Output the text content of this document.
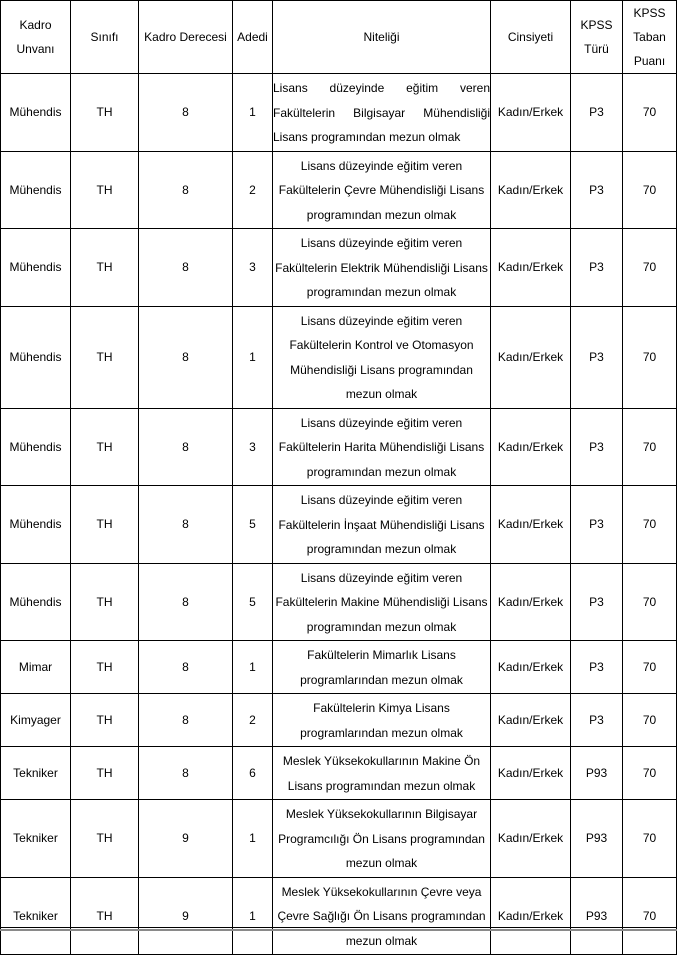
Kadro Unvanı	Sınıfı	Kadro Derecesi	Adedi	Niteliği	Cinsiyeti	KPSS Türü	KPSS Taban Puanı
Mühendis	TH	8	1	Lisans düzeyinde eğitim veren Fakültelerin Bilgisayar Mühendisliği Lisans programından mezun olmak	Kadın/Erkek	P3	70
Mühendis	TH	8	2	Lisans düzeyinde eğitim veren Fakültelerin Çevre Mühendisliği Lisans programından mezun olmak	Kadın/Erkek	P3	70
Mühendis	TH	8	3	Lisans düzeyinde eğitim veren Fakültelerin Elektrik Mühendisliği Lisans programından mezun olmak	Kadın/Erkek	P3	70
Mühendis	TH	8	1	Lisans düzeyinde eğitim veren Fakültelerin Kontrol ve Otomasyon Mühendisliği Lisans programından mezun olmak	Kadın/Erkek	P3	70
Mühendis	TH	8	3	Lisans düzeyinde eğitim veren Fakültelerin Harita Mühendisliği Lisans programından mezun olmak	Kadın/Erkek	P3	70
Mühendis	TH	8	5	Lisans düzeyinde eğitim veren Fakültelerin İnşaat Mühendisliği Lisans programından mezun olmak	Kadın/Erkek	P3	70
Mühendis	TH	8	5	Lisans düzeyinde eğitim veren Fakültelerin Makine Mühendisliği Lisans programından mezun olmak	Kadın/Erkek	P3	70
Mimar	TH	8	1	Fakültelerin Mimarlık Lisans programlarından mezun olmak	Kadın/Erkek	P3	70
Kimyager	TH	8	2	Fakültelerin Kimya Lisans programlarından mezun olmak	Kadın/Erkek	P3	70
Tekniker	TH	8	6	Meslek Yüksekokullarının Makine Ön Lisans programından mezun olmak	Kadın/Erkek	P93	70
Tekniker	TH	9	1	Meslek Yüksekokullarının Bilgisayar Programcılığı Ön Lisans programından mezun olmak	Kadın/Erkek	P93	70
Tekniker	TH	9	1	Meslek Yüksekokullarının Çevre veya Çevre Sağlığı Ön Lisans programından mezun olmak	Kadın/Erkek	P93	70
